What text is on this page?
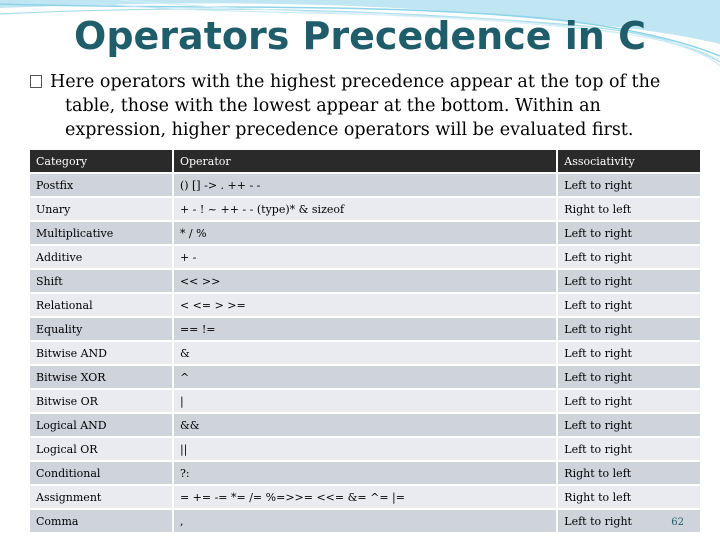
Operators Precedence in C
Here operators with the highest precedence appear at the top of the
table, those with the lowest appear at the bottom. Within an
expression, higher precedence operators will be evaluated first.
Category	Operator	Associativity
Postfix	() [] -> . ++ - -	Left to right
Unary	+ - ! ~ ++ - - (type)* & sizeof	Right to left
Multiplicative	* / %	Left to right
Additive	+ -	Left to right
Shift	<< >>	Left to right
Relational	< <= > >=	Left to right
Equality	== !=	Left to right
Bitwise AND	&	Left to right
Bitwise XOR	^	Left to right
Bitwise OR	|	Left to right
Logical AND	&&	Left to right
Logical OR	||	Left to right
Conditional	?:	Right to left
Assignment	= += -= *= /= %=>>= <<= &= ^= |=	Right to left
Comma	,	Left to right	62
